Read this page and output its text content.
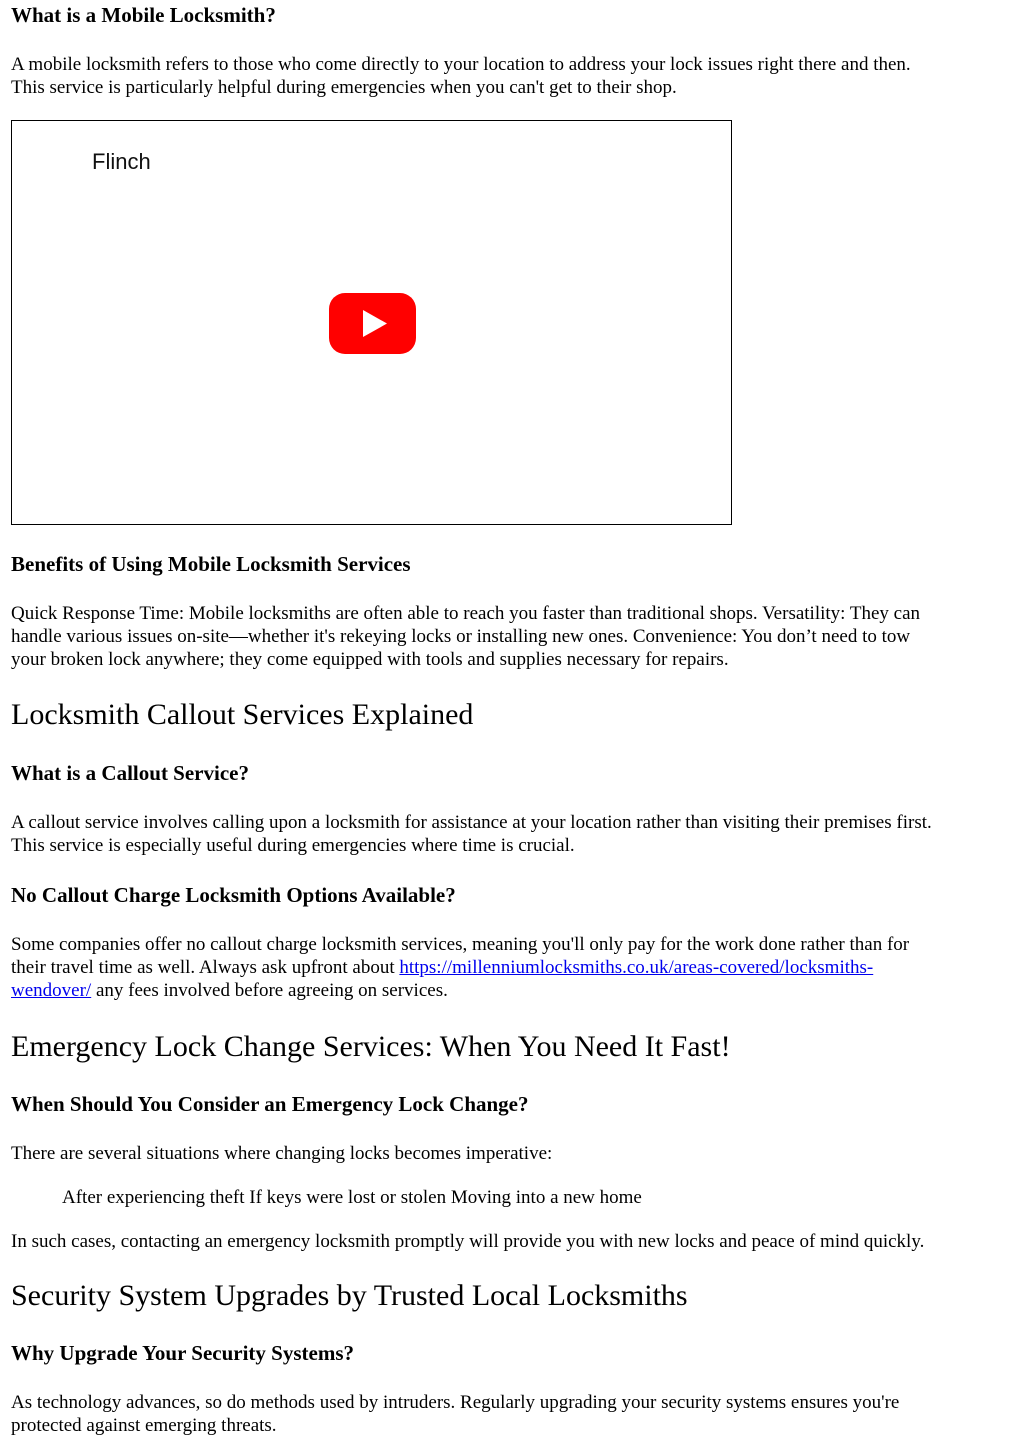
What is a Mobile Locksmith?

A mobile locksmith refers to those who come directly to your location to address your lock issues right there and then.
This service is particularly helpful during emergencies when you can't get to their shop.

Flinch
Benefits of Using Mobile Locksmith Services

Quick Response Time: Mobile locksmiths are often able to reach you faster than traditional shops. Versatility: They can
handle various issues on-site—whether it's rekeying locks or installing new ones. Convenience: You don’t need to tow
your broken lock anywhere; they come equipped with tools and supplies necessary for repairs.

Locksmith Callout Services Explained
What is a Callout Service?

A callout service involves calling upon a locksmith for assistance at your location rather than visiting their premises first.
This service is especially useful during emergencies where time is crucial.

No Callout Charge Locksmith Options Available?

Some companies offer no callout charge locksmith services, meaning you'll only pay for the work done rather than for
their travel time as well. Always ask upfront about https://millenniumlocksmiths.co.uk/areas-covered/locksmiths-
wendover/ any fees involved before agreeing on services.

Emergency Lock Change Services: When You Need It Fast!
When Should You Consider an Emergency Lock Change?

There are several situations where changing locks becomes imperative:

After experiencing theft If keys were lost or stolen Moving into a new home

In such cases, contacting an emergency locksmith promptly will provide you with new locks and peace of mind quickly.

Security System Upgrades by Trusted Local Locksmiths
Why Upgrade Your Security Systems?

As technology advances, so do methods used by intruders. Regularly upgrading your security systems ensures you're
protected against emerging threats.
